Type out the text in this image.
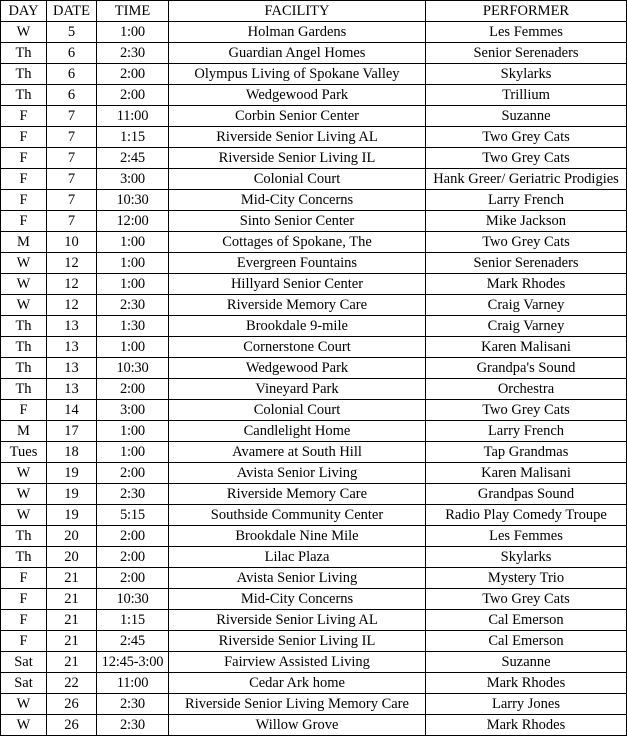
DAY	DATE	TIME	FACILITY	PERFORMER
W	5	1:00	Holman Gardens	Les Femmes
Th	6	2:30	Guardian Angel Homes	Senior Serenaders
Th	6	2:00	Olympus Living of Spokane Valley	Skylarks
Th	6	2:00	Wedgewood Park	Trillium
F	7	11:00	Corbin Senior Center	Suzanne
F	7	1:15	Riverside Senior Living AL	Two Grey Cats
F	7	2:45	Riverside Senior Living IL	Two Grey Cats
F	7	3:00	Colonial Court	Hank Greer/ Geriatric Prodigies
F	7	10:30	Mid-City Concerns	Larry French
F	7	12:00	Sinto Senior Center	Mike Jackson
M	10	1:00	Cottages of Spokane, The	Two Grey Cats
W	12	1:00	Evergreen Fountains	Senior Serenaders
W	12	1:00	Hillyard Senior Center	Mark Rhodes
W	12	2:30	Riverside Memory Care	Craig Varney
Th	13	1:30	Brookdale 9-mile	Craig Varney
Th	13	1:00	Cornerstone Court	Karen Malisani
Th	13	10:30	Wedgewood Park	Grandpa's Sound
Th	13	2:00	Vineyard Park	Orchestra
F	14	3:00	Colonial Court	Two Grey Cats
M	17	1:00	Candlelight Home	Larry French
Tues	18	1:00	Avamere at South Hill	Tap Grandmas
W	19	2:00	Avista Senior Living	Karen Malisani
W	19	2:30	Riverside Memory Care	Grandpas Sound
W	19	5:15	Southside Community Center	Radio Play Comedy Troupe
Th	20	2:00	Brookdale Nine Mile	Les Femmes
Th	20	2:00	Lilac Plaza	Skylarks
F	21	2:00	Avista Senior Living	Mystery Trio
F	21	10:30	Mid-City Concerns	Two Grey Cats
F	21	1:15	Riverside Senior Living AL	Cal Emerson
F	21	2:45	Riverside Senior Living IL	Cal Emerson
Sat	21	12:45-3:00	Fairview Assisted Living	Suzanne
Sat	22	11:00	Cedar Ark home	Mark Rhodes
W	26	2:30	Riverside Senior Living Memory Care	Larry Jones
W	26	2:30	Willow Grove	Mark Rhodes
